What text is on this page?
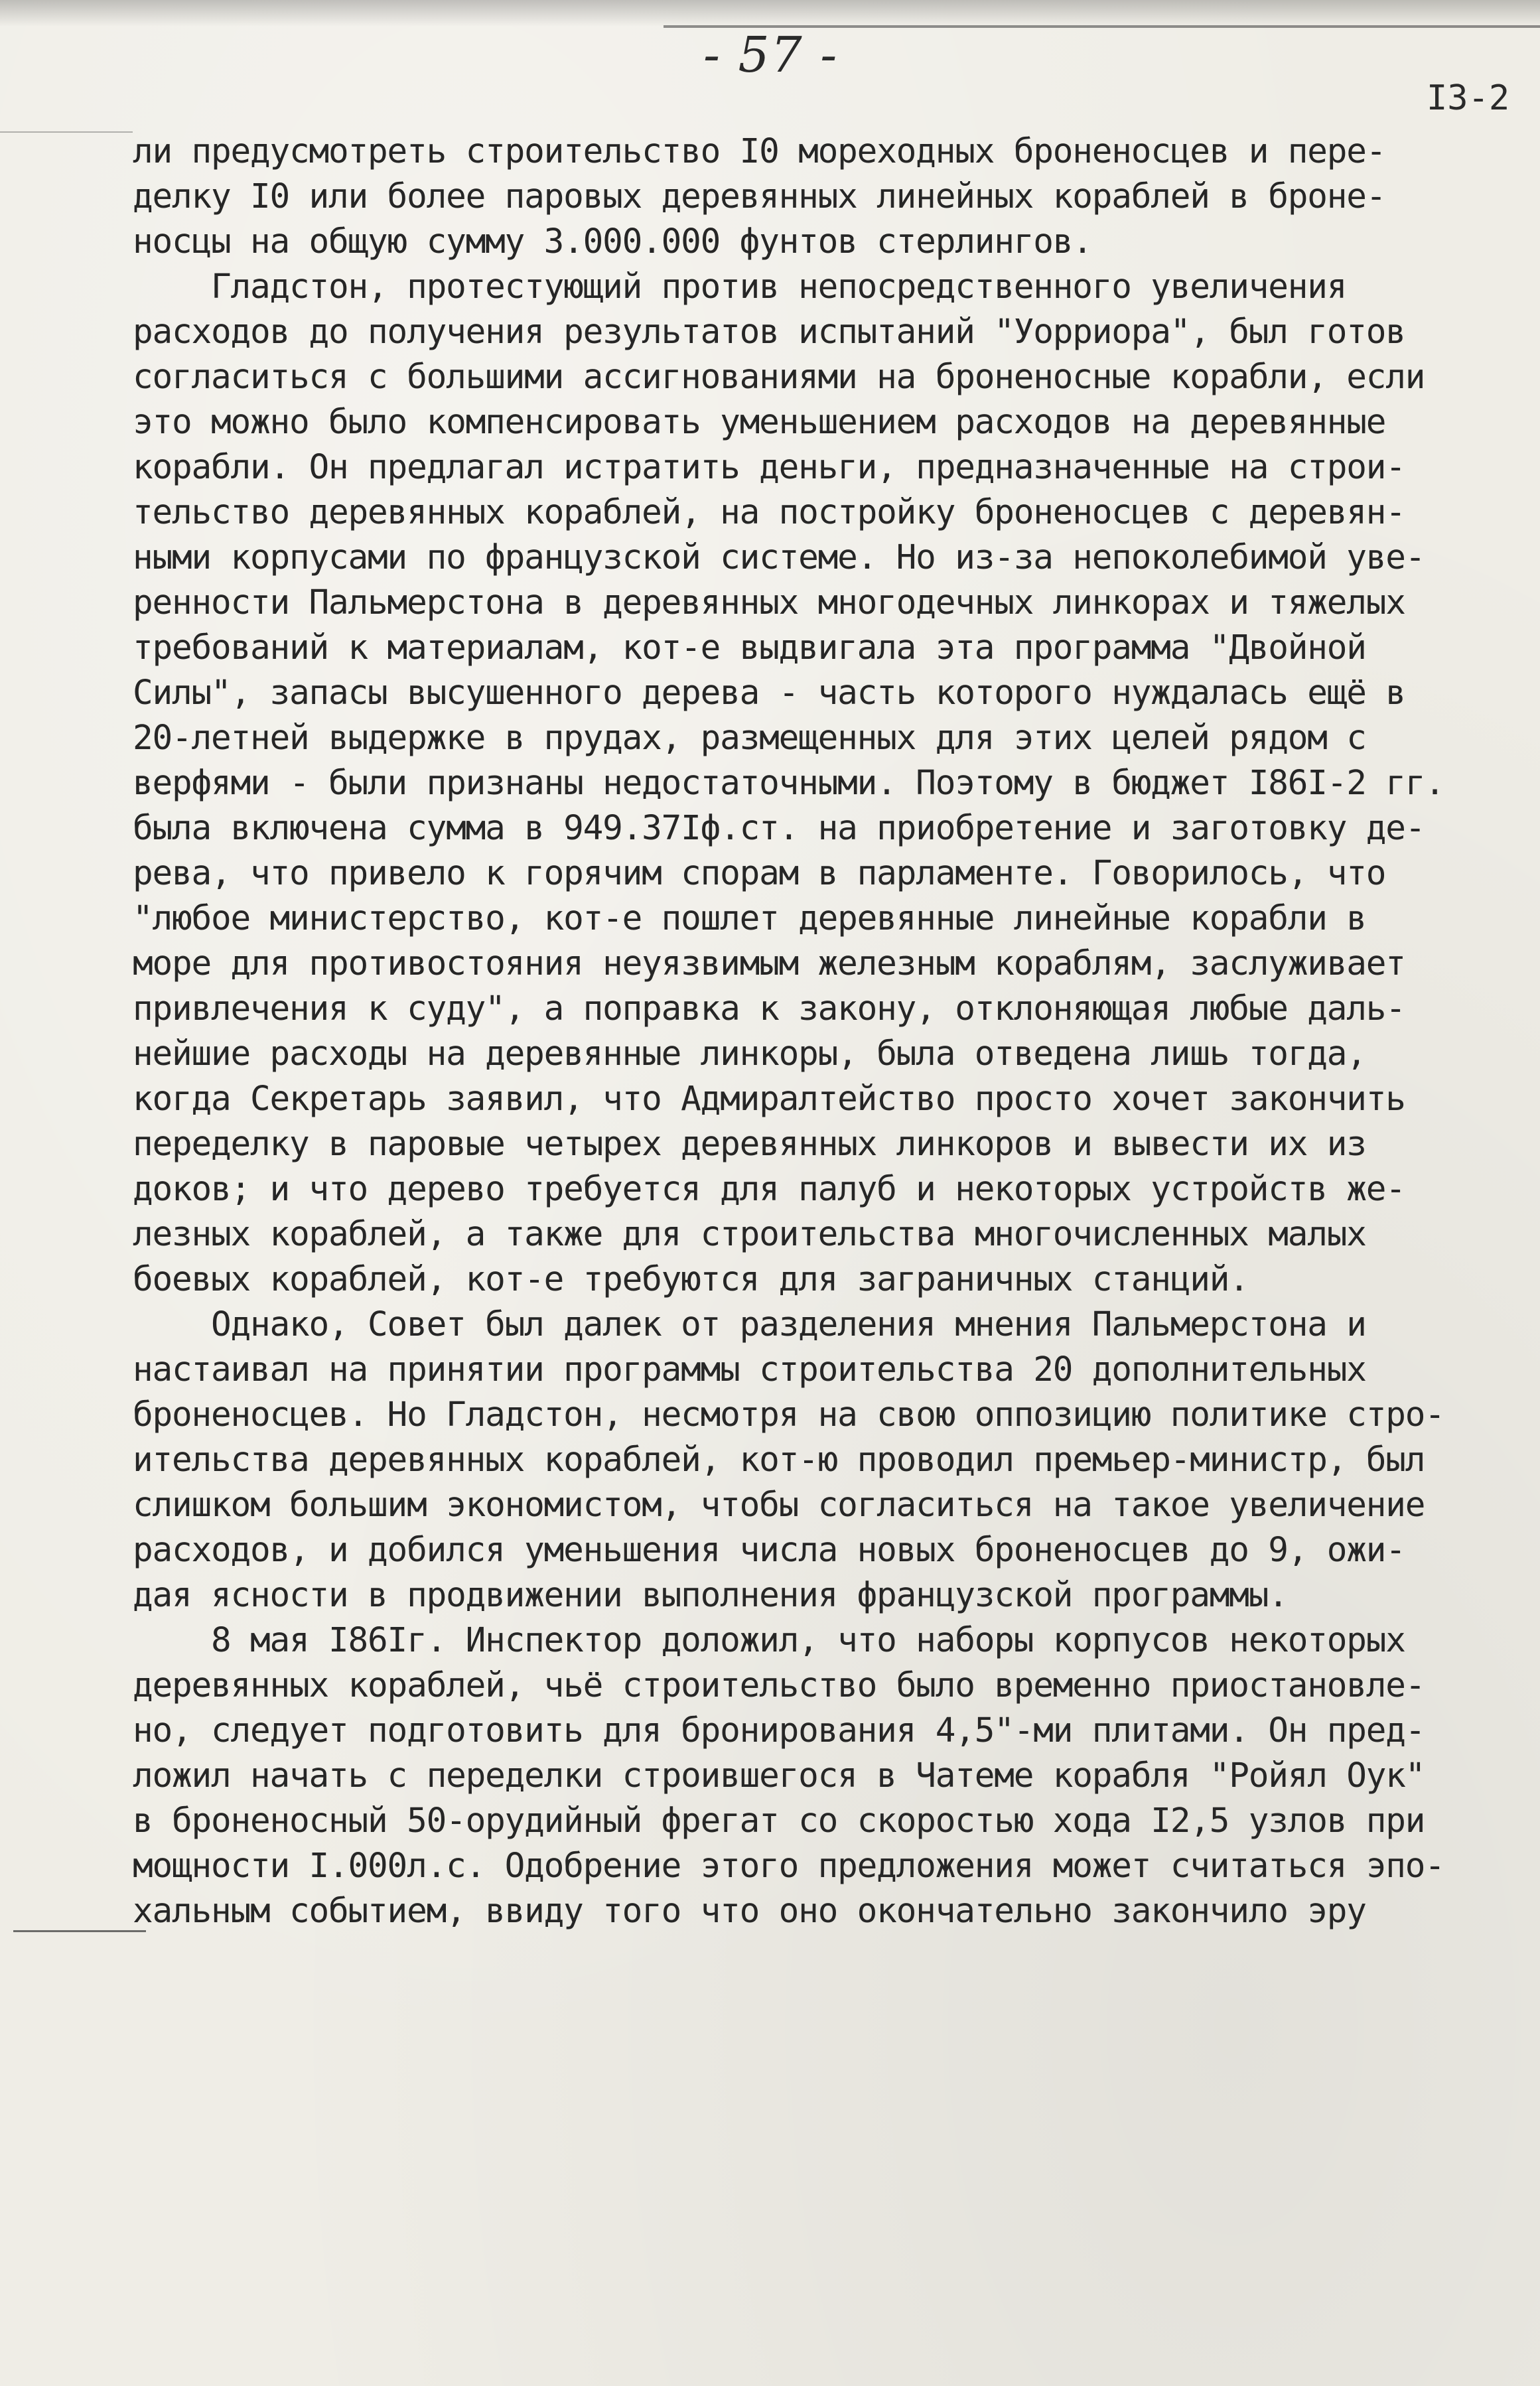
- 57 -
I3-2
ли предусмотреть строительство I0 мореходных броненосцев и пере-
делку I0 или более паровых деревянных линейных кораблей в броне-
носцы на общую сумму 3.000.000 фунтов стерлингов.
Гладстон, протестующий против непосредственного увеличения
расходов до получения результатов испытаний "Уорриора", был готов
согласиться с большими ассигнованиями на броненосные корабли, если
это можно было компенсировать уменьшением расходов на деревянные
корабли. Он предлагал истратить деньги, предназначенные на строи-
тельство деревянных кораблей, на постройку броненосцев с деревян-
ными корпусами по французской системе. Но из-за непоколебимой уве-
ренности Пальмерстона в деревянных многодечных линкорах и тяжелых
требований к материалам, кот-е выдвигала эта программа "Двойной
Силы", запасы высушенного дерева - часть которого нуждалась ещё в
20-летней выдержке в прудах, размещенных для этих целей рядом с
верфями - были признаны недостаточными. Поэтому в бюджет I86I-2 гг.
была включена сумма в 949.37Iф.ст. на приобретение и заготовку де-
рева, что привело к горячим спорам в парламенте. Говорилось, что
"любое министерство, кот-е пошлет деревянные линейные корабли в
море для противостояния неуязвимым железным кораблям, заслуживает
привлечения к суду", а поправка к закону, отклоняющая любые даль-
нейшие расходы на деревянные линкоры, была отведена лишь тогда,
когда Секретарь заявил, что Адмиралтейство просто хочет закончить
переделку в паровые четырех деревянных линкоров и вывести их из
доков; и что дерево требуется для палуб и некоторых устройств же-
лезных кораблей, а также для строительства многочисленных малых
боевых кораблей, кот-е требуются для заграничных станций.
Однако, Совет был далек от разделения мнения Пальмерстона и
настаивал на принятии программы строительства 20 дополнительных
броненосцев. Но Гладстон, несмотря на свою оппозицию политике стро-
ительства деревянных кораблей, кот-ю проводил премьер-министр, был
слишком большим экономистом, чтобы согласиться на такое увеличение
расходов, и добился уменьшения числа новых броненосцев до 9, ожи-
дая ясности в продвижении выполнения французской программы.
8 мая I86Iг. Инспектор доложил, что наборы корпусов некоторых
деревянных кораблей, чьё строительство было временно приостановле-
но, следует подготовить для бронирования 4,5"-ми плитами. Он пред-
ложил начать с переделки строившегося в Чатеме корабля "Ройял Оук"
в броненосный 50-орудийный фрегат со скоростью хода I2,5 узлов при
мощности I.000л.с. Одобрение этого предложения может считаться эпо-
хальным событием, ввиду того что оно окончательно закончило эру
